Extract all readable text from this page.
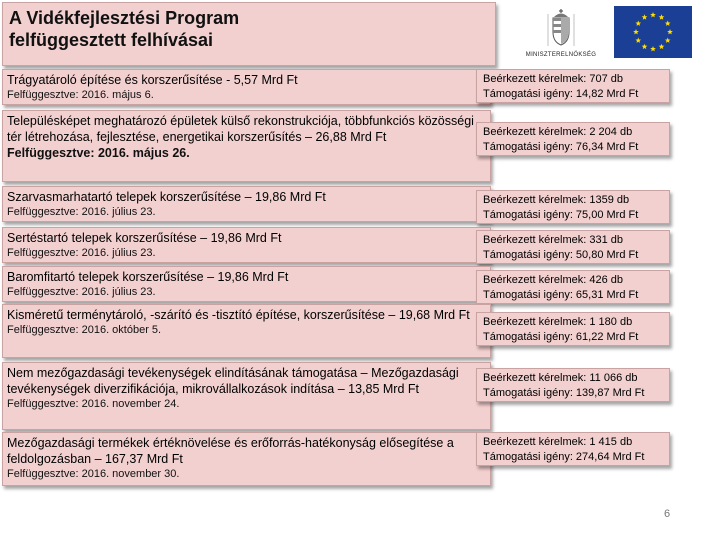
A Vidékfejlesztési Program
felfüggesztett felhívásai
MINISZTERELNÖKSÉG
Trágyatároló építése és korszerűsítése - 5,57 Mrd Ft
Felfüggesztve: 2016. május 6.
Beérkezett kérelmek: 707 db
Támogatási igény: 14,82 Mrd Ft
Településképet meghatározó épületek külső rekonstrukciója, többfunkciós közösségi tér létrehozása, fejlesztése, energetikai korszerűsítés – 26,88 Mrd Ft
Felfüggesztve: 2016. május 26.
Beérkezett kérelmek: 2 204 db
Támogatási igény: 76,34 Mrd Ft
Szarvasmarhatartó telepek korszerűsítése – 19,86 Mrd Ft
Felfüggesztve: 2016. július 23.
Beérkezett kérelmek: 1359 db
Támogatási igény: 75,00 Mrd Ft
Sertéstartó telepek korszerűsítése – 19,86 Mrd Ft
Felfüggesztve: 2016. július 23.
Beérkezett kérelmek: 331 db
Támogatási igény: 50,80 Mrd Ft
Baromfitartó telepek korszerűsítése – 19,86 Mrd Ft
Felfüggesztve: 2016. július 23.
Beérkezett kérelmek: 426 db
Támogatási igény: 65,31 Mrd Ft
Kisméretű terménytároló, -szárító és -tisztító építése, korszerűsítése – 19,68 Mrd Ft
Felfüggesztve: 2016. október 5.
Beérkezett kérelmek: 1 180 db
Támogatási igény: 61,22 Mrd Ft
Nem mezőgazdasági tevékenységek elindításának támogatása – Mezőgazdasági tevékenységek diverzifikációja, mikrovállalkozások indítása – 13,85 Mrd Ft
Felfüggesztve: 2016. november 24.
Beérkezett kérelmek: 11 066 db
Támogatási igény: 139,87 Mrd Ft
Mezőgazdasági termékek értéknövelése és erőforrás-hatékonyság elősegítése a feldolgozásban – 167,37 Mrd Ft
Felfüggesztve: 2016. november 30.
Beérkezett kérelmek: 1 415 db
Támogatási igény: 274,64 Mrd Ft
6
